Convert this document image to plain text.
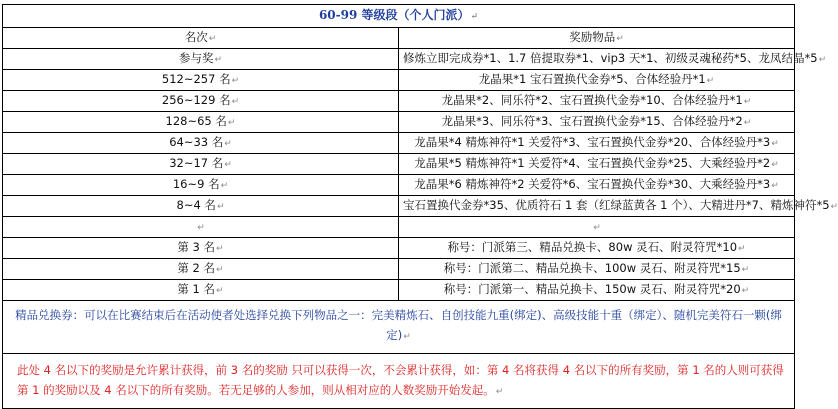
60-99 等级段（个人门派）↵	
名次↵	奖励物品↵
参与奖↵	修炼立即完成券*1、1.7 倍提取券*1、vip3 天*1、初级灵魂秘药*5、龙凤结晶*5↵
512~257 名↵	龙晶果*1 宝石置换代金券*5、合体经验丹*1↵
256~129 名↵	龙晶果*2、同乐符*2、宝石置换代金券*10、合体经验丹*1↵
128~65 名↵	龙晶果*3、同乐符*3、宝石置换代金券*15、合体经验丹*2↵
64~33 名↵	龙晶果*4 精炼神符*1 关爱符*3、宝石置换代金券*20、合体经验丹*3↵
32~17 名↵	龙晶果*5 精炼神符*1 关爱符*4、宝石置换代金券*25、大乘经验丹*2↵
16~9 名↵	龙晶果*6 精炼神符*2 关爱符*6、宝石置换代金券*30、大乘经验丹*3↵
8~4 名↵	宝石置换代金券*35、优质符石 1 套（红绿蓝黄各 1 个）、大精进丹*7、精炼神符*5↵
↵	↵
第 3 名↵	称号：门派第三、精品兑换卡、80w 灵石、附灵符咒*10↵
第 2 名↵	称号：门派第二、精品兑换卡、100w 灵石、附灵符咒*15↵
第 1 名↵	称号：门派第一、精品兑换卡、150w 灵石、附灵符咒*20↵
精品兑换券：可以在比赛结束后在活动使者处选择兑换下列物品之一：完美精炼石、自创技能九重(绑定)、高级技能十重（绑定）、随机完美符石一颗(绑定)↵	
此处 4 名以下的奖励是允许累计获得，前 3 名的奖励 只可以获得一次，不会累计获得，如：第 4 名将获得 4 名以下的所有奖励，第 1 名的人则可获得第 1 的奖励以及 4 名以下的所有奖励。若无足够的人参加，则从相对应的人数奖励开始发起。↵	
